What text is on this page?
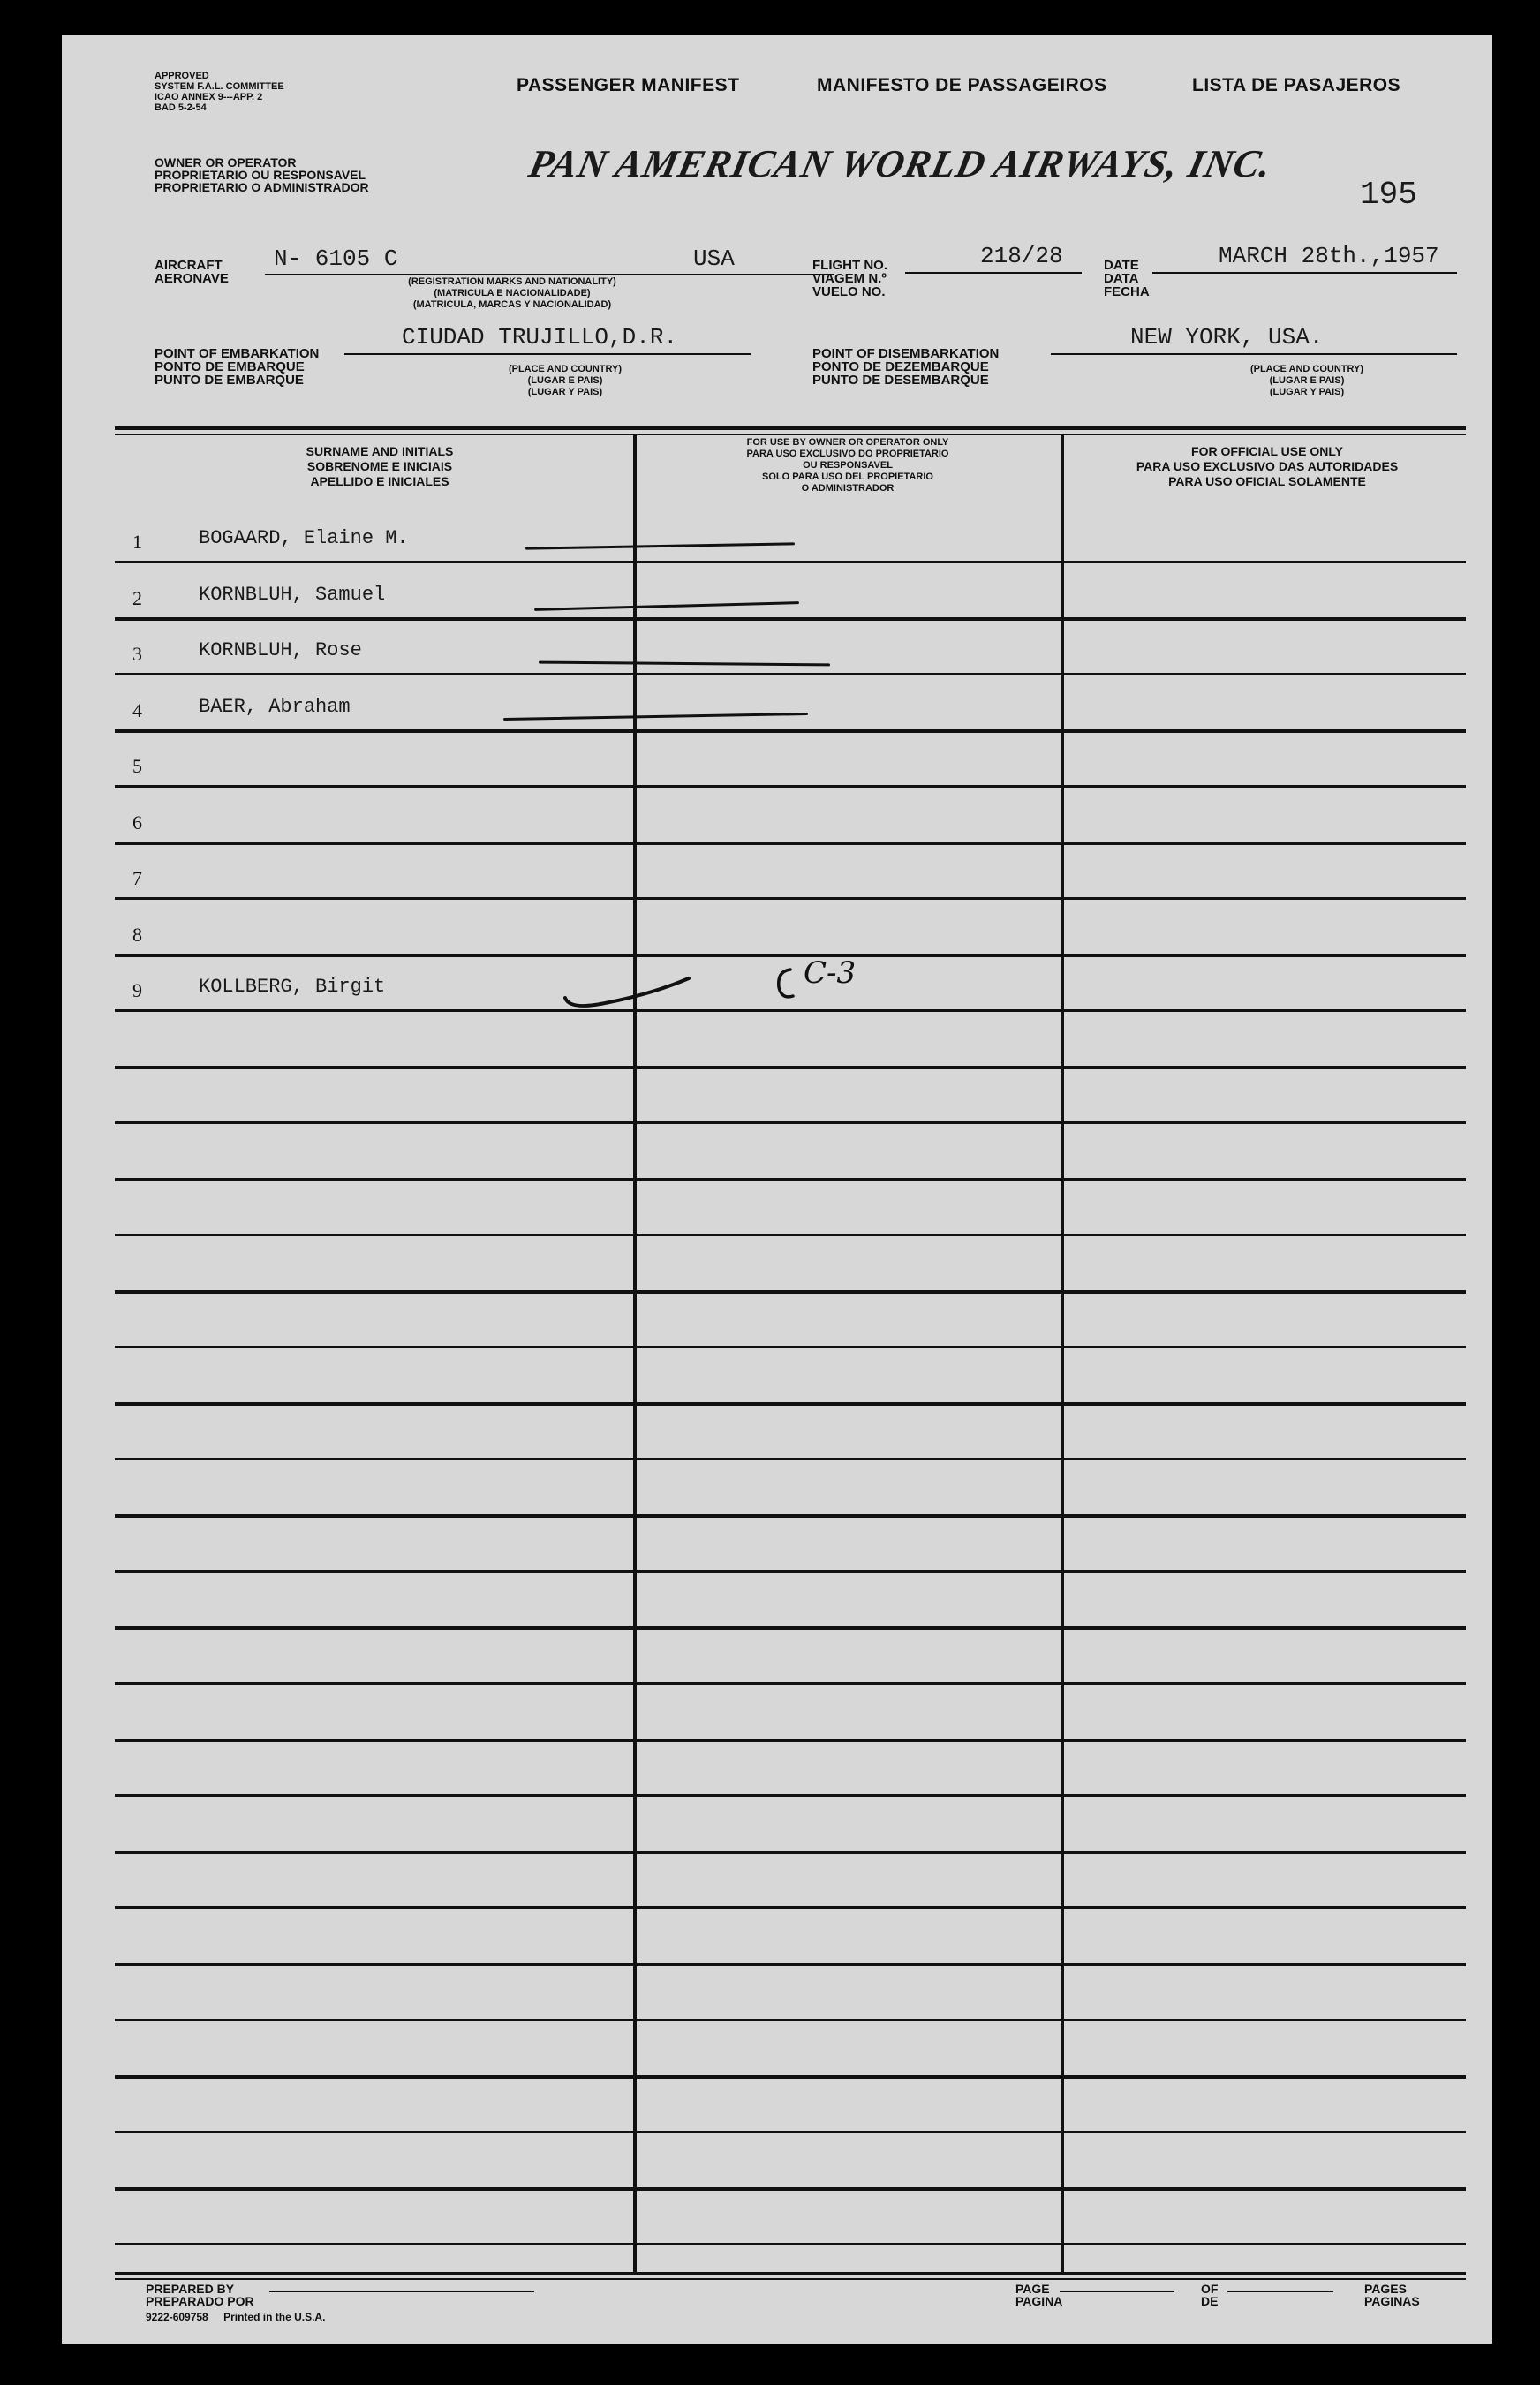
APPROVED
SYSTEM F.A.L. COMMITTEE
ICAO ANNEX 9---APP. 2
BAD 5-2-54
PASSENGER MANIFEST	MANIFESTO DE PASSAGEIROS	LISTA DE PASAJEROS
OWNER OR OPERATOR
PROPRIETARIO OU RESPONSAVEL
PROPRIETARIO O ADMINISTRADOR
PAN AMERICAN WORLD AIRWAYS, INC.
195
AIRCRAFT
AERONAVE
N- 6105 C	USA
(REGISTRATION MARKS AND NATIONALITY)
(MATRICULA E NACIONALIDADE)
(MATRICULA, MARCAS Y NACIONALIDAD)
FLIGHT NO.
VIAGEM N.º
VUELO NO.
218/28	DATE
DATA
FECHA
MARCH 28th.,1957
POINT OF EMBARKATION
PONTO DE EMBARQUE
PUNTO DE EMBARQUE
CIUDAD TRUJILLO,D.R.
(PLACE AND COUNTRY)
(LUGAR E PAIS)
(LUGAR Y PAIS)
POINT OF DISEMBARKATION
PONTO DE DEZEMBARQUE
PUNTO DE DESEMBARQUE
NEW YORK, USA.
(PLACE AND COUNTRY)
(LUGAR E PAIS)
(LUGAR Y PAIS)
SURNAME AND INITIALS
SOBRENOME E INICIAIS
APELLIDO E INICIALES
FOR USE BY OWNER OR OPERATOR ONLY
PARA USO EXCLUSIVO DO PROPRIETARIO
OU RESPONSAVEL
SOLO PARA USO DEL PROPIETARIO
O ADMINISTRADOR
FOR OFFICIAL USE ONLY
PARA USO EXCLUSIVO DAS AUTORIDADES
PARA USO OFICIAL SOLAMENTE
1	BOGAARD, Elaine M.
2	KORNBLUH, Samuel
3	KORNBLUH, Rose
4	BAER, Abraham
5
6
7
8
9	KOLLBERG, Birgit	C-3
PREPARED BY
PREPARADO POR
9222-609758 Printed in the U.S.A.
PAGE
PAGINA
OF
DE
PAGES
PAGINAS
